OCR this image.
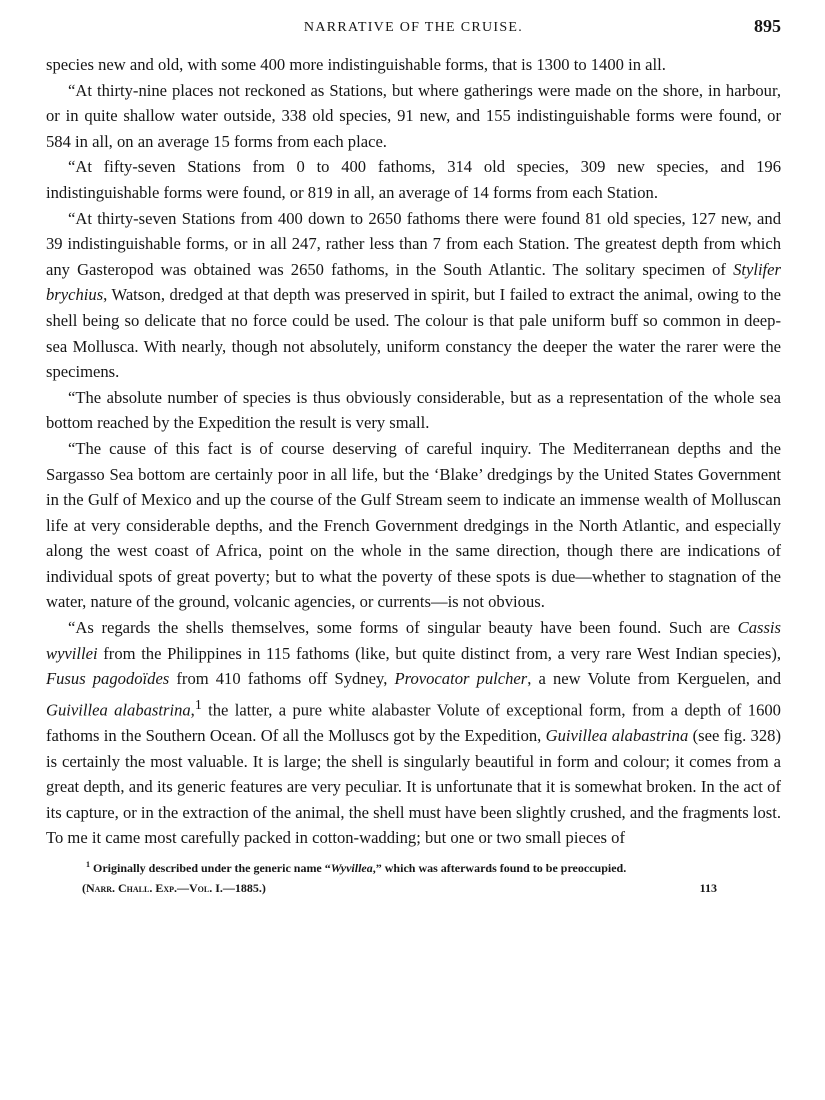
NARRATIVE OF THE CRUISE.	895

species new and old, with some 400 more indistinguishable forms, that is 1300 to 1400 in all.

“At thirty-nine places not reckoned as Stations, but where gatherings were made on the shore, in harbour, or in quite shallow water outside, 338 old species, 91 new, and 155 indistinguishable forms were found, or 584 in all, on an average 15 forms from each place.

“At fifty-seven Stations from 0 to 400 fathoms, 314 old species, 309 new species, and 196 indistinguishable forms were found, or 819 in all, an average of 14 forms from each Station.

“At thirty-seven Stations from 400 down to 2650 fathoms there were found 81 old species, 127 new, and 39 indistinguishable forms, or in all 247, rather less than 7 from each Station. The greatest depth from which any Gasteropod was obtained was 2650 fathoms, in the South Atlantic. The solitary specimen of Stylifer brychius, Watson, dredged at that depth was preserved in spirit, but I failed to extract the animal, owing to the shell being so delicate that no force could be used. The colour is that pale uniform buff so common in deep-sea Mollusca. With nearly, though not absolutely, uniform constancy the deeper the water the rarer were the specimens.

“The absolute number of species is thus obviously considerable, but as a representation of the whole sea bottom reached by the Expedition the result is very small.

“The cause of this fact is of course deserving of careful inquiry. The Mediterranean depths and the Sargasso Sea bottom are certainly poor in all life, but the ‘Blake’ dredgings by the United States Government in the Gulf of Mexico and up the course of the Gulf Stream seem to indicate an immense wealth of Molluscan life at very considerable depths, and the French Government dredgings in the North Atlantic, and especially along the west coast of Africa, point on the whole in the same direction, though there are indications of individual spots of great poverty; but to what the poverty of these spots is due—whether to stagnation of the water, nature of the ground, volcanic agencies, or currents—is not obvious.

“As regards the shells themselves, some forms of singular beauty have been found. Such are Cassis wyvillei from the Philippines in 115 fathoms (like, but quite distinct from, a very rare West Indian species), Fusus pagodoïdes from 410 fathoms off Sydney, Provocator pulcher, a new Volute from Kerguelen, and Guivillea alabastrina,$^1$ the latter, a pure white alabaster Volute of exceptional form, from a depth of 1600 fathoms in the Southern Ocean. Of all the Molluscs got by the Expedition, Guivillea alabastrina (see fig. 328) is certainly the most valuable. It is large; the shell is singularly beautiful in form and colour; it comes from a great depth, and its generic features are very peculiar. It is unfortunate that it is somewhat broken. In the act of its capture, or in the extraction of the animal, the shell must have been slightly crushed, and the fragments lost. To me it came most carefully packed in cotton-wadding; but one or two small pieces of

$^1$ Originally described under the generic name “Wyvillea,” which was afterwards found to be preoccupied.
(Narr. Chall. Exp.—Vol. I.—1885.)	113
